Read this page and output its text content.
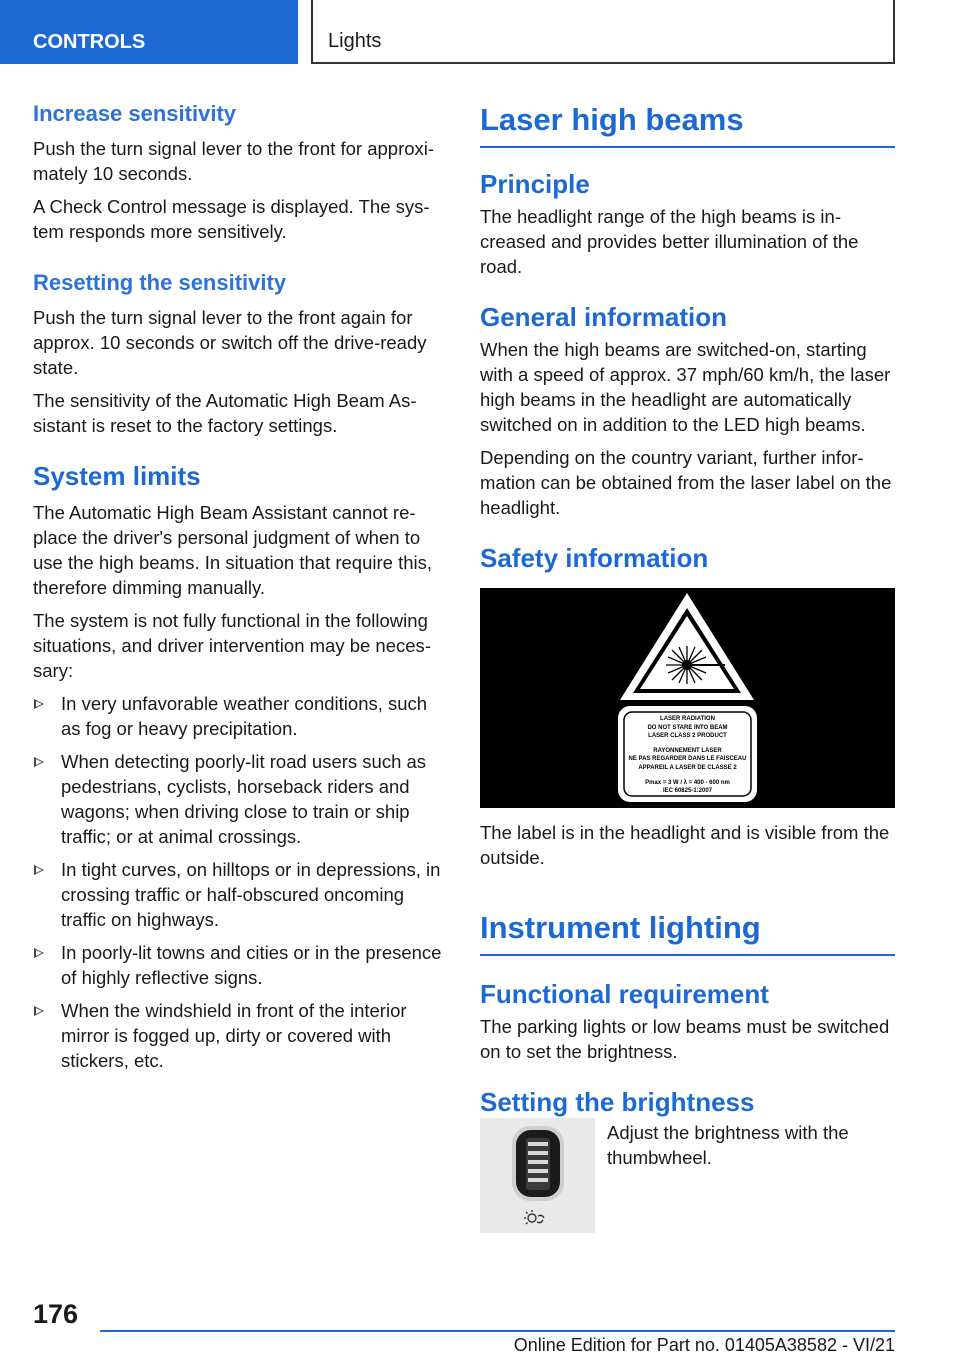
CONTROLS	Lights
Increase sensitivity

Push the turn signal lever to the front for approximately 10 seconds.

A Check Control message is displayed. The system responds more sensitively.

Resetting the sensitivity

Push the turn signal lever to the front again for approx. 10 seconds or switch off the drive-ready state.

The sensitivity of the Automatic High Beam Assistant is reset to the factory settings.

System limits

The Automatic High Beam Assistant cannot replace the driver's personal judgment of when to use the high beams. In situation that require this, therefore dimming manually.

The system is not fully functional in the following situations, and driver intervention may be necessary:

In very unfavorable weather conditions, such as fog or heavy precipitation.
When detecting poorly-lit road users such as pedestrians, cyclists, horseback riders and wagons; when driving close to train or ship traffic; or at animal crossings.
In tight curves, on hilltops or in depressions, in crossing traffic or half-obscured oncoming traffic on highways.
In poorly-lit towns and cities or in the presence of highly reflective signs.
When the windshield in front of the interior mirror is fogged up, dirty or covered with stickers, etc.
Laser high beams
Principle

The headlight range of the high beams is increased and provides better illumination of the road.

General information

When the high beams are switched-on, starting with a speed of approx. 37 mph/60 km/h, the laser high beams in the headlight are automatically switched on in addition to the LED high beams.

Depending on the country variant, further information can be obtained from the laser label on the headlight.

Safety information
LASER RADIATION
DO NOT STARE INTO BEAM
LASER CLASS 2 PRODUCT
RAYONNEMENT LASER
NE PAS REGARDER DANS LE FAISCEAU
APPAREIL A LASER DE CLASSE 2
Pmax = 3 W / λ = 400 - 600 nm
IEC 60825-1:2007

The label is in the headlight and is visible from the outside.

Instrument lighting
Functional requirement

The parking lights or low beams must be switched on to set the brightness.

Setting the brightness

Adjust the brightness with the thumbwheel.

176
Online Edition for Part no. 01405A38582 - VI/21
